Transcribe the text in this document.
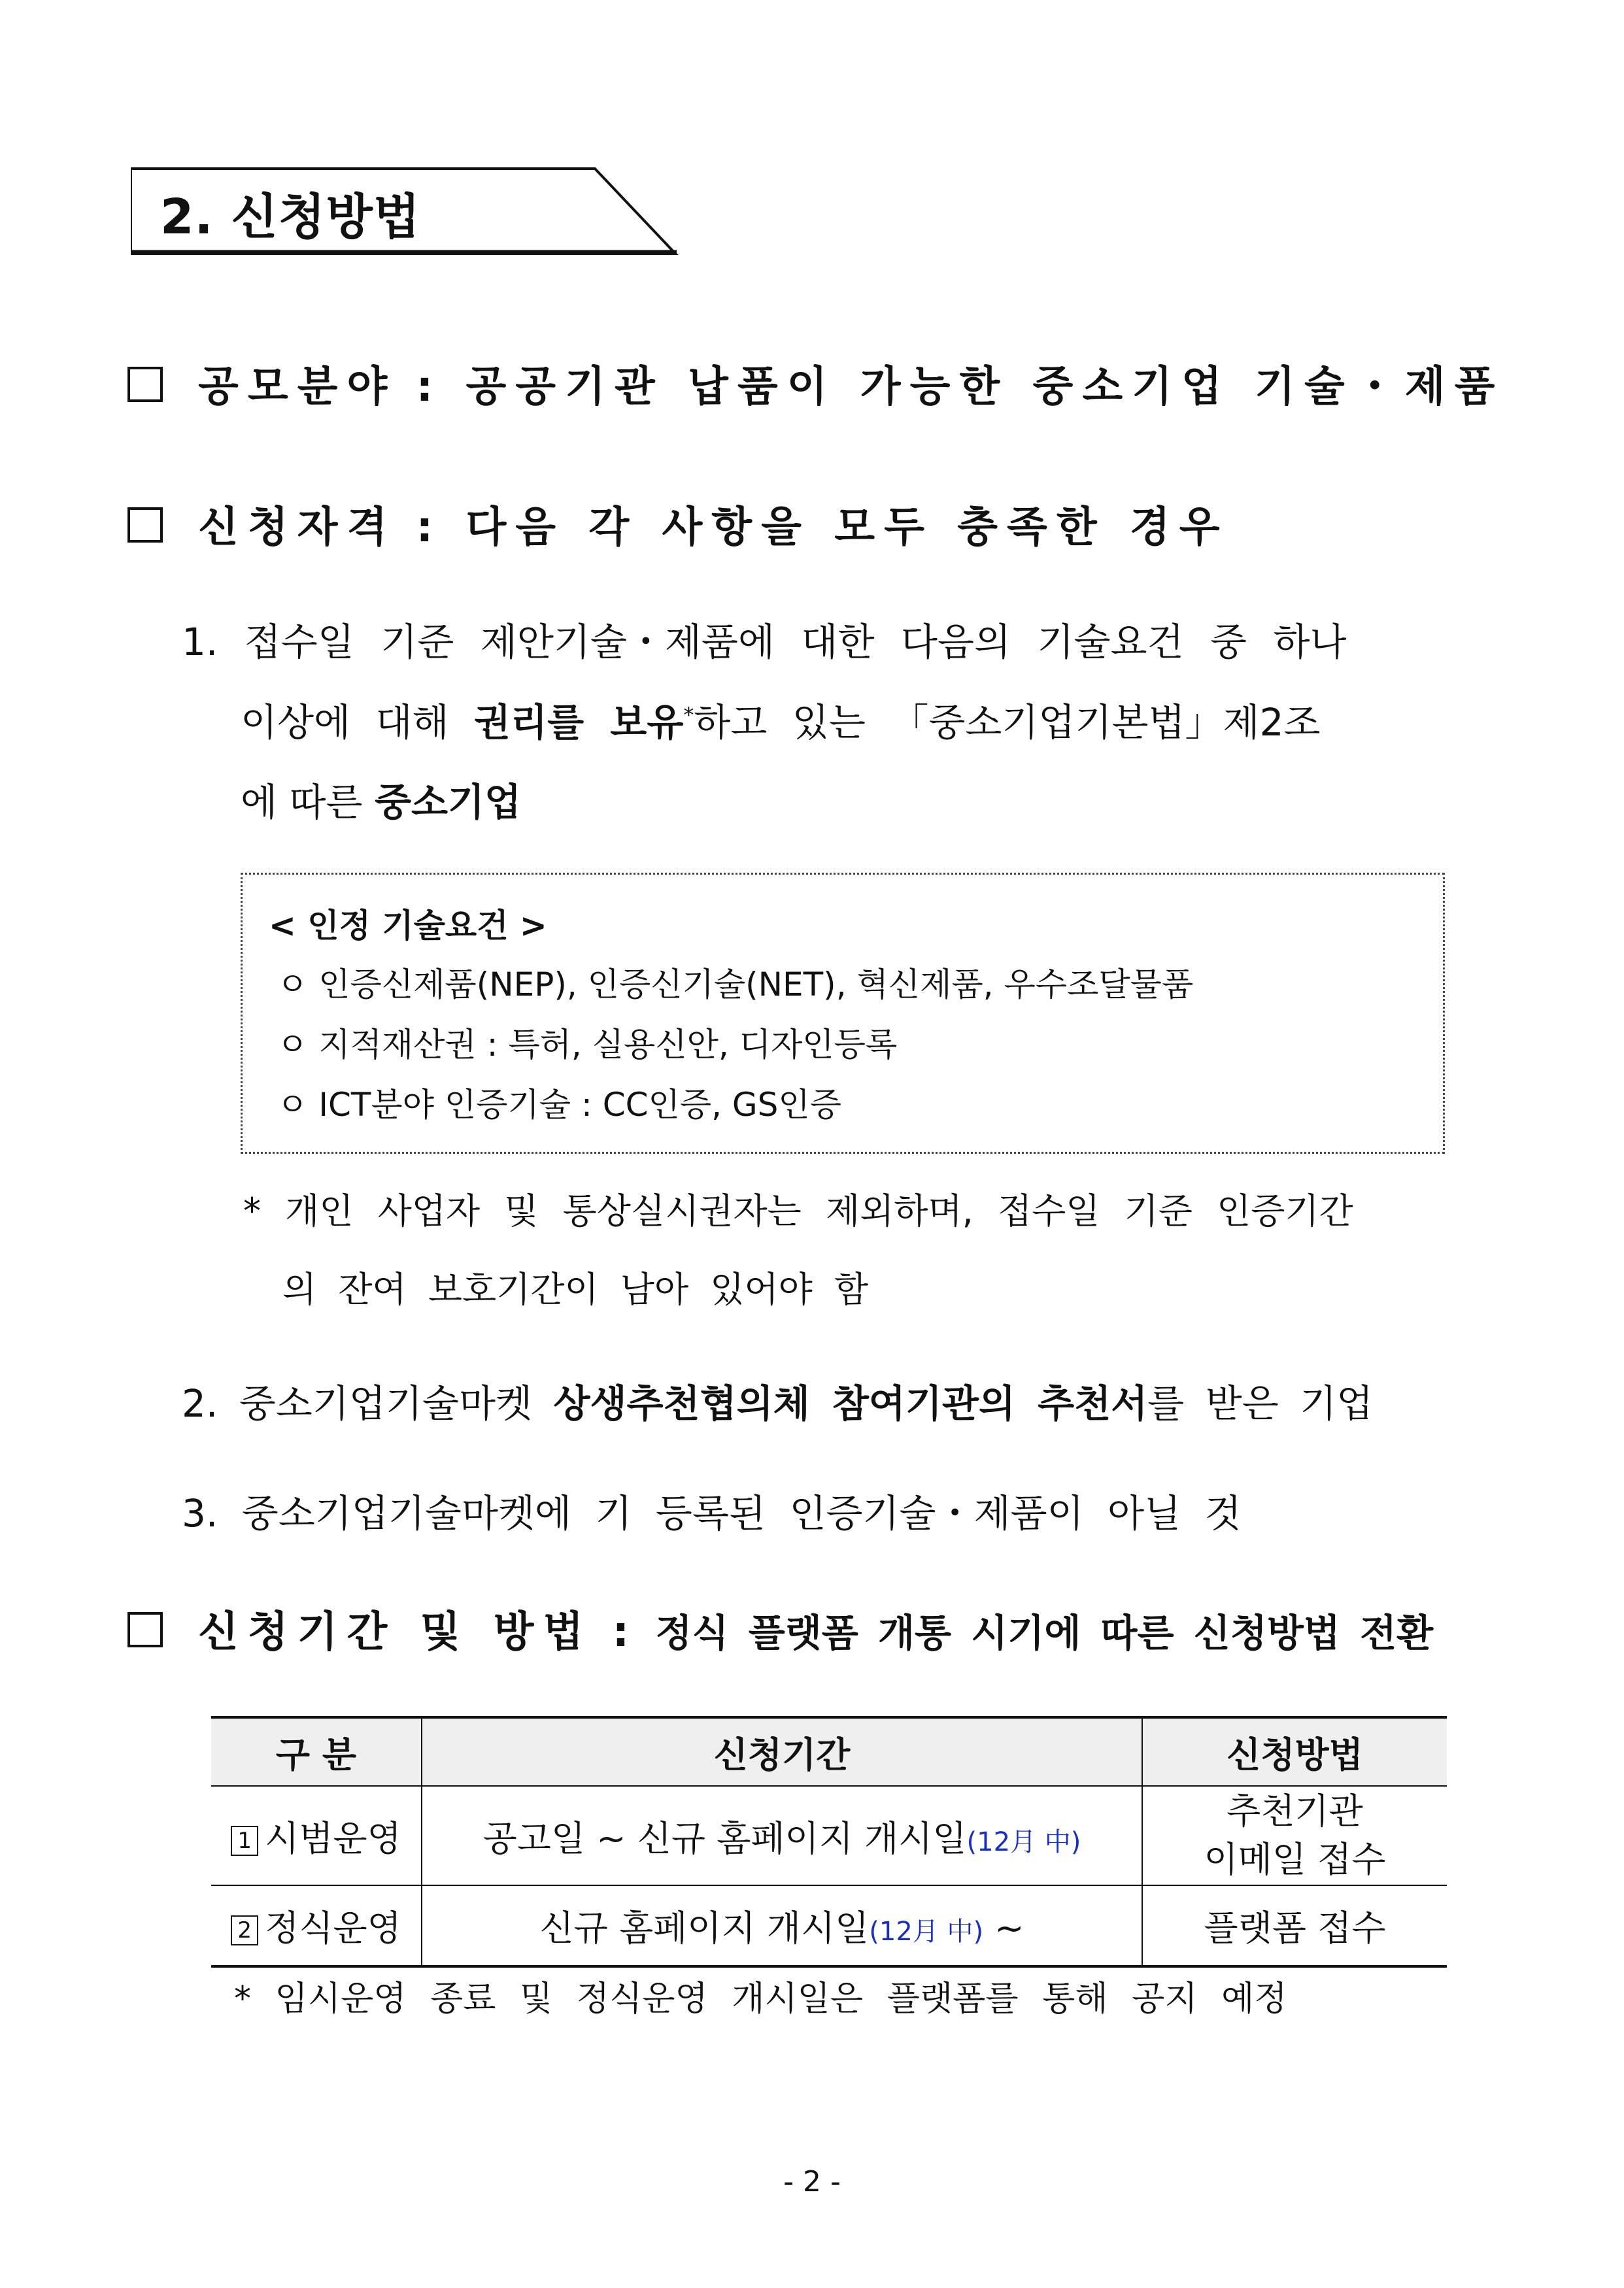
2. 신청방법
공모분야 : 공공기관 납품이 가능한 중소기업 기술・제품
신청자격 : 다음 각 사항을 모두 충족한 경우
1. 접수일 기준 제안기술・제품에 대한 다음의 기술요건 중 하나
이상에 대해 권리를 보유*하고 있는 「중소기업기본법」제2조
에 따른 중소기업
< 인정 기술요건 >
ㅇ 인증신제품(NEP), 인증신기술(NET), 혁신제품, 우수조달물품
ㅇ 지적재산권 : 특허, 실용신안, 디자인등록
ㅇ ICT분야 인증기술 : CC인증, GS인증
* 개인 사업자 및 통상실시권자는 제외하며, 접수일 기준 인증기간
의 잔여 보호기간이 남아 있어야 함
2. 중소기업기술마켓 상생추천협의체 참여기관의 추천서를 받은 기업
3. 중소기업기술마켓에 기 등록된 인증기술・제품이 아닐 것
신청기간 및 방법 : 정식 플랫폼 개통 시기에 따른 신청방법 전환
구 분	신청기간	신청방법
1 시범운영	공고일 ~ 신규 홈페이지 개시일(12月 中)	추천기관
이메일 접수

2 정식운영	신규 홈페이지 개시일(12月 中) ~	플랫폼 접수
* 임시운영 종료 및 정식운영 개시일은 플랫폼를 통해 공지 예정
- 2 -
